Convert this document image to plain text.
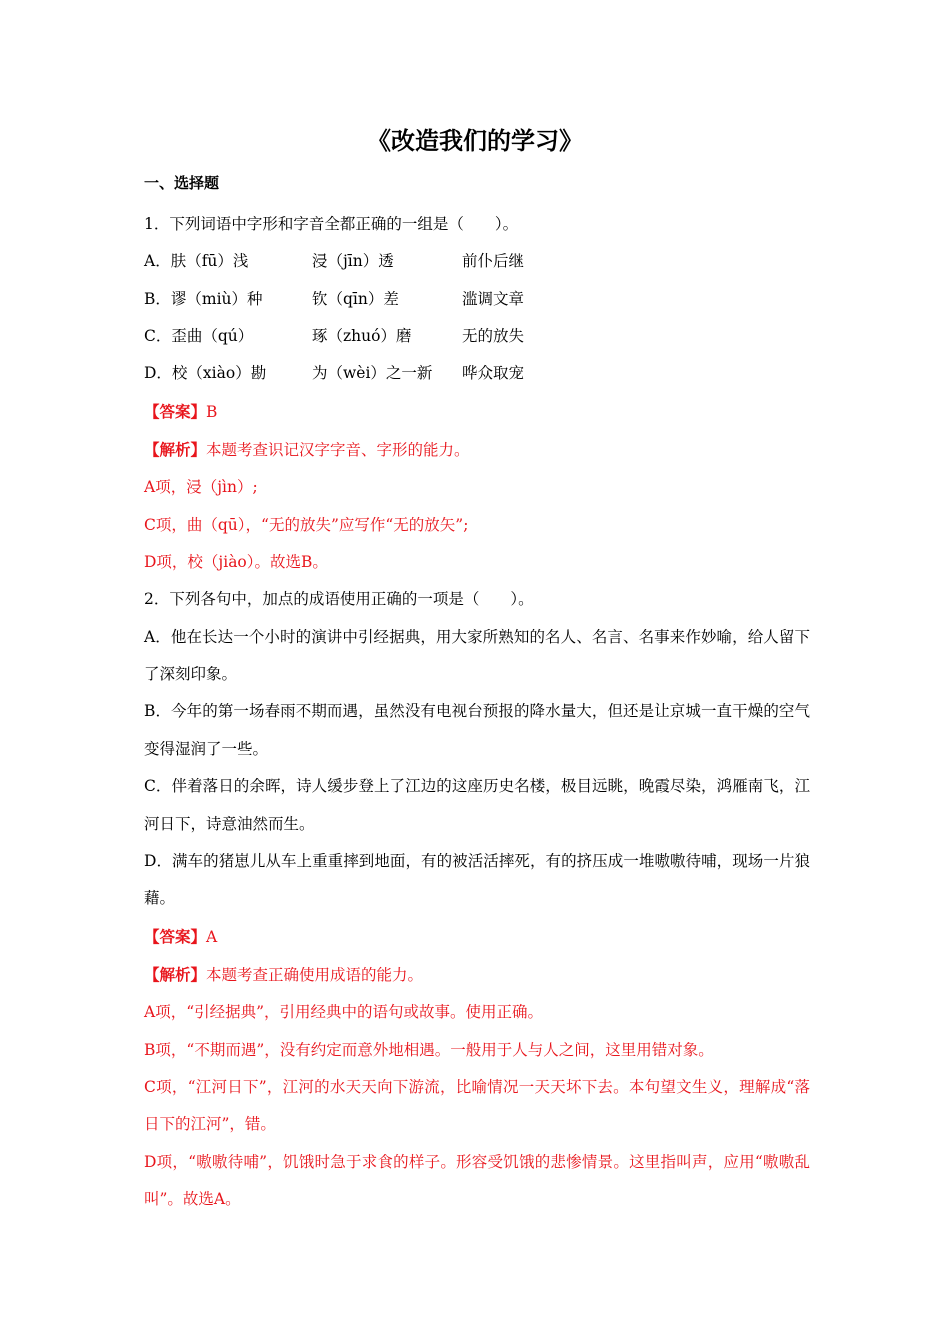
《改造我们的学习》
一、选择题
1．下列词语中字形和字音全都正确的一组是（　　）。
A．肤（fū）浅	浸（jīn）透	前仆后继
B．谬（miù）种	钦（qīn）差	滥调文章
C．歪曲（qú）	琢（zhuó）磨	无的放失
D．校（xiào）勘	为（wèi）之一新	哗众取宠
【答案】B
【解析】本题考查识记汉字字音、字形的能力。
A项，浸（jìn）;
C项，曲（qū），“无的放失”应写作“无的放矢”;
D项，校（jiào）。故选B。
2．下列各句中，加点的成语使用正确的一项是（　　）。
A．他在长达一个小时的演讲中引经据典，用大家所熟知的名人、名言、名事来作妙喻，给人留下了深刻印象。
B．今年的第一场春雨不期而遇，虽然没有电视台预报的降水量大，但还是让京城一直干燥的空气变得湿润了一些。
C．伴着落日的余晖，诗人缓步登上了江边的这座历史名楼，极目远眺，晚霞尽染，鸿雁南飞，江河日下，诗意油然而生。
D．满车的猪崽儿从车上重重摔到地面，有的被活活摔死，有的挤压成一堆嗷嗷待哺，现场一片狼藉。
【答案】A
【解析】本题考查正确使用成语的能力。
A项，“引经据典”，引用经典中的语句或故事。使用正确。
B项，“不期而遇”，没有约定而意外地相遇。一般用于人与人之间，这里用错对象。
C项，“江河日下”，江河的水天天向下游流，比喻情况一天天坏下去。本句望文生义，理解成“落日下的江河”，错。
D项，“嗷嗷待哺”，饥饿时急于求食的样子。形容受饥饿的悲惨情景。这里指叫声，应用“嗷嗷乱叫”。故选A。
